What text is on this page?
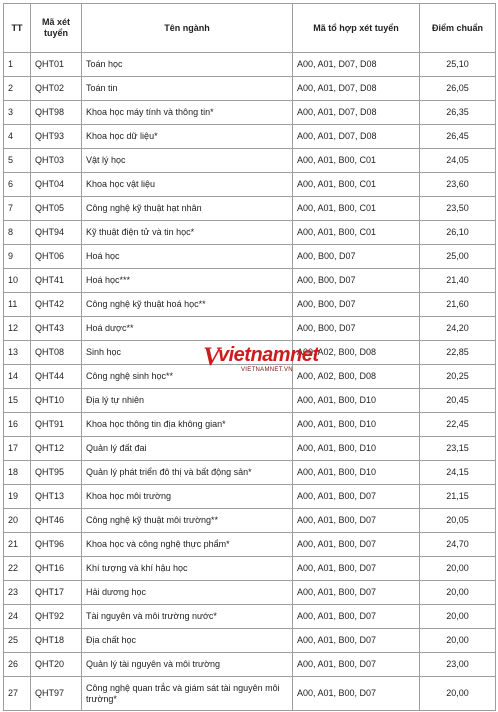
TT	Mã xét tuyển	Tên ngành	Mã tổ hợp xét tuyển	Điểm chuẩn
1	QHT01	Toán học	A00, A01, D07, D08	25,10
2	QHT02	Toán tin	A00, A01, D07, D08	26,05
3	QHT98	Khoa học máy tính và thông tin*	A00, A01, D07, D08	26,35
4	QHT93	Khoa học dữ liệu*	A00, A01, D07, D08	26,45
5	QHT03	Vật lý học	A00, A01, B00, C01	24,05
6	QHT04	Khoa học vật liệu	A00, A01, B00, C01	23,60
7	QHT05	Công nghệ kỹ thuật hạt nhân	A00, A01, B00, C01	23,50
8	QHT94	Kỹ thuật điện tử và tin học*	A00, A01, B00, C01	26,10
9	QHT06	Hoá học	A00, B00, D07	25,00
10	QHT41	Hoá học***	A00, B00, D07	21,40
11	QHT42	Công nghệ kỹ thuật hoá học**	A00, B00, D07	21,60
12	QHT43	Hoá dược**	A00, B00, D07	24,20
13	QHT08	Sinh học	A00, A02, B00, D08	22,85
14	QHT44	Công nghệ sinh học**	A00, A02, B00, D08	20,25
15	QHT10	Địa lý tự nhiên	A00, A01, B00, D10	20,45
16	QHT91	Khoa học thông tin địa không gian*	A00, A01, B00, D10	22,45
17	QHT12	Quản lý đất đai	A00, A01, B00, D10	23,15
18	QHT95	Quản lý phát triển đô thị và bất động sản*	A00, A01, B00, D10	24,15
19	QHT13	Khoa học môi trường	A00, A01, B00, D07	21,15
20	QHT46	Công nghệ kỹ thuật môi trường**	A00, A01, B00, D07	20,05
21	QHT96	Khoa học và công nghệ thực phẩm*	A00, A01, B00, D07	24,70
22	QHT16	Khí tượng và khí hậu học	A00, A01, B00, D07	20,00
23	QHT17	Hải dương học	A00, A01, B00, D07	20,00
24	QHT92	Tài nguyên và môi trường nước*	A00, A01, B00, D07	20,00
25	QHT18	Địa chất học	A00, A01, B00, D07	20,00
26	QHT20	Quản lý tài nguyên và môi trường	A00, A01, B00, D07	23,00
27	QHT97	Công nghệ quan trắc và giám sát tài nguyên môi trường*	A00, A01, B00, D07	20,00
V
vietnamnet
VIETNAMNET.VN
